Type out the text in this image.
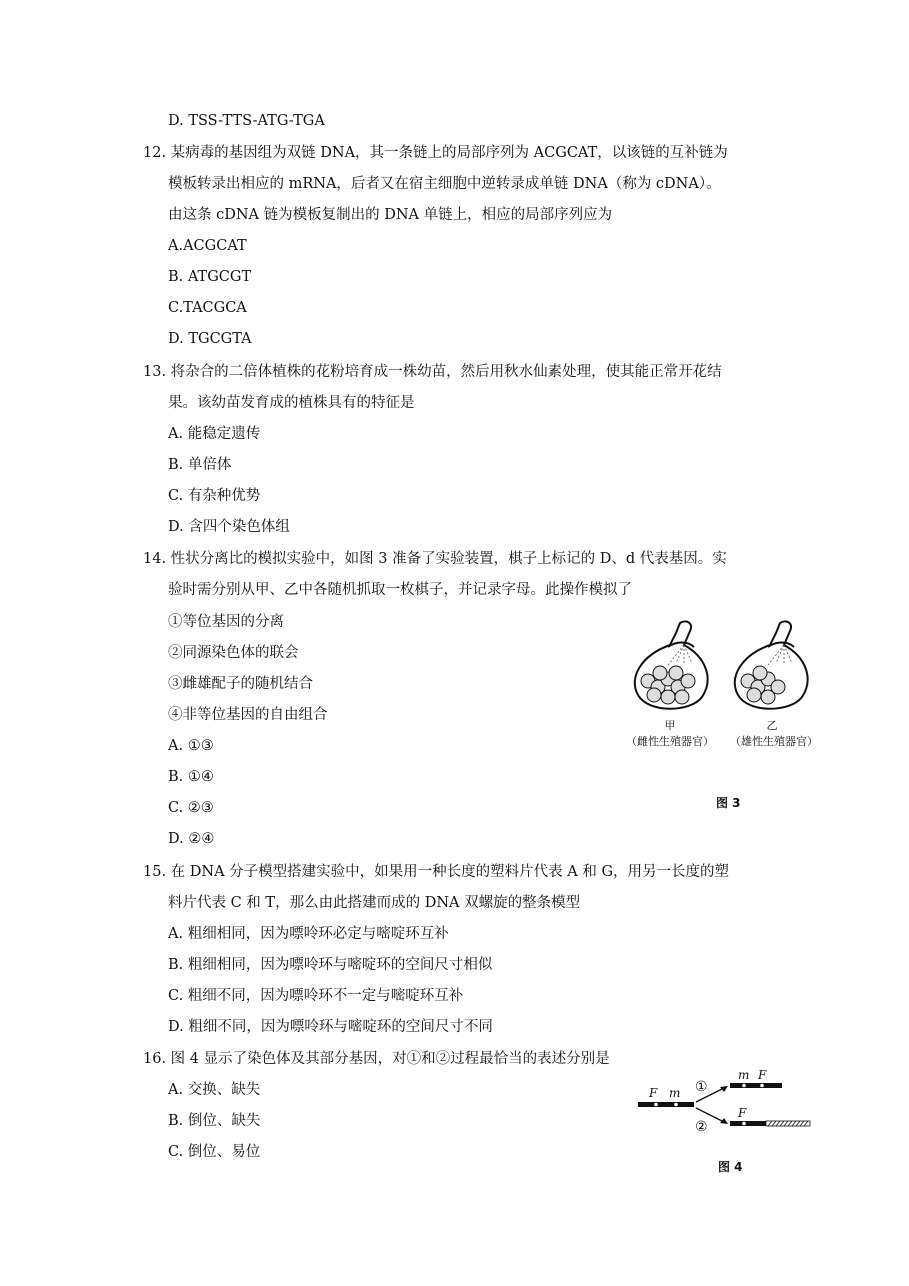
D. TSS-TTS-ATG-TGA
12. 某病毒的基因组为双链 DNA，其一条链上的局部序列为 ACGCAT，以该链的互补链为
模板转录出相应的 mRNA，后者又在宿主细胞中逆转录成单链 DNA（称为 cDNA）。
由这条 cDNA 链为模板复制出的 DNA 单链上，相应的局部序列应为
A.ACGCAT
B. ATGCGT
C.TACGCA
D. TGCGTA
13. 将杂合的二倍体植株的花粉培育成一株幼苗，然后用秋水仙素处理，使其能正常开花结
果。该幼苗发育成的植株具有的特征是
A. 能稳定遗传
B. 单倍体
C. 有杂种优势
D. 含四个染色体组
14. 性状分离比的模拟实验中，如图 3 准备了实验装置，棋子上标记的 D、d 代表基因。实
验时需分别从甲、乙中各随机抓取一枚棋子，并记录字母。此操作模拟了
①等位基因的分离
②同源染色体的联会
③雌雄配子的随机结合
④非等位基因的自由组合
A. ①③
B. ①④
C. ②③
D. ②④
甲
（雌性生殖器官）
乙
（雄性生殖器官）
图 3
15. 在 DNA 分子模型搭建实验中，如果用一种长度的塑料片代表 A 和 G，用另一长度的塑
料片代表 C 和 T，那么由此搭建而成的 DNA 双螺旋的整条模型
A. 粗细相同，因为嘌呤环必定与嘧啶环互补
B. 粗细相同，因为嘌呤环与嘧啶环的空间尺寸相似
C. 粗细不同，因为嘌呤环不一定与嘧啶环互补
D. 粗细不同，因为嘌呤环与嘧啶环的空间尺寸不同
16. 图 4 显示了染色体及其部分基因，对①和②过程最恰当的表述分别是
A. 交换、缺失
B. 倒位、缺失
C. 倒位、易位
F m ①
②
m F
F
图 4
